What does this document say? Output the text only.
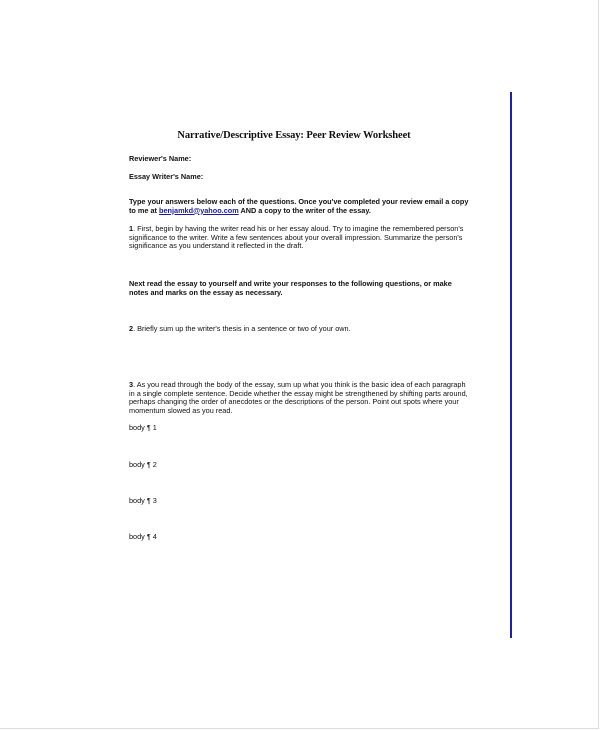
Narrative/Descriptive Essay: Peer Review Worksheet
Reviewer's Name:
Essay Writer's Name:
Type your answers below each of the questions. Once you've completed your review email a copy
to me at benjamkd@yahoo.com AND a copy to the writer of the essay.
1. First, begin by having the writer read his or her essay aloud. Try to imagine the remembered person's significance to the writer. Write a few sentences about your overall impression. Summarize the person's significance as you understand it reflected in the draft.
Next read the essay to yourself and write your responses to the following questions, or make notes and marks on the essay as necessary.
2. Briefly sum up the writer's thesis in a sentence or two of your own.
3. As you read through the body of the essay, sum up what you think is the basic idea of each paragraph in a single complete sentence. Decide whether the essay might be strengthened by shifting parts around, perhaps changing the order of anecdotes or the descriptions of the person. Point out spots where your momentum slowed as you read.
body ¶ 1
body ¶ 2
body ¶ 3
body ¶ 4
